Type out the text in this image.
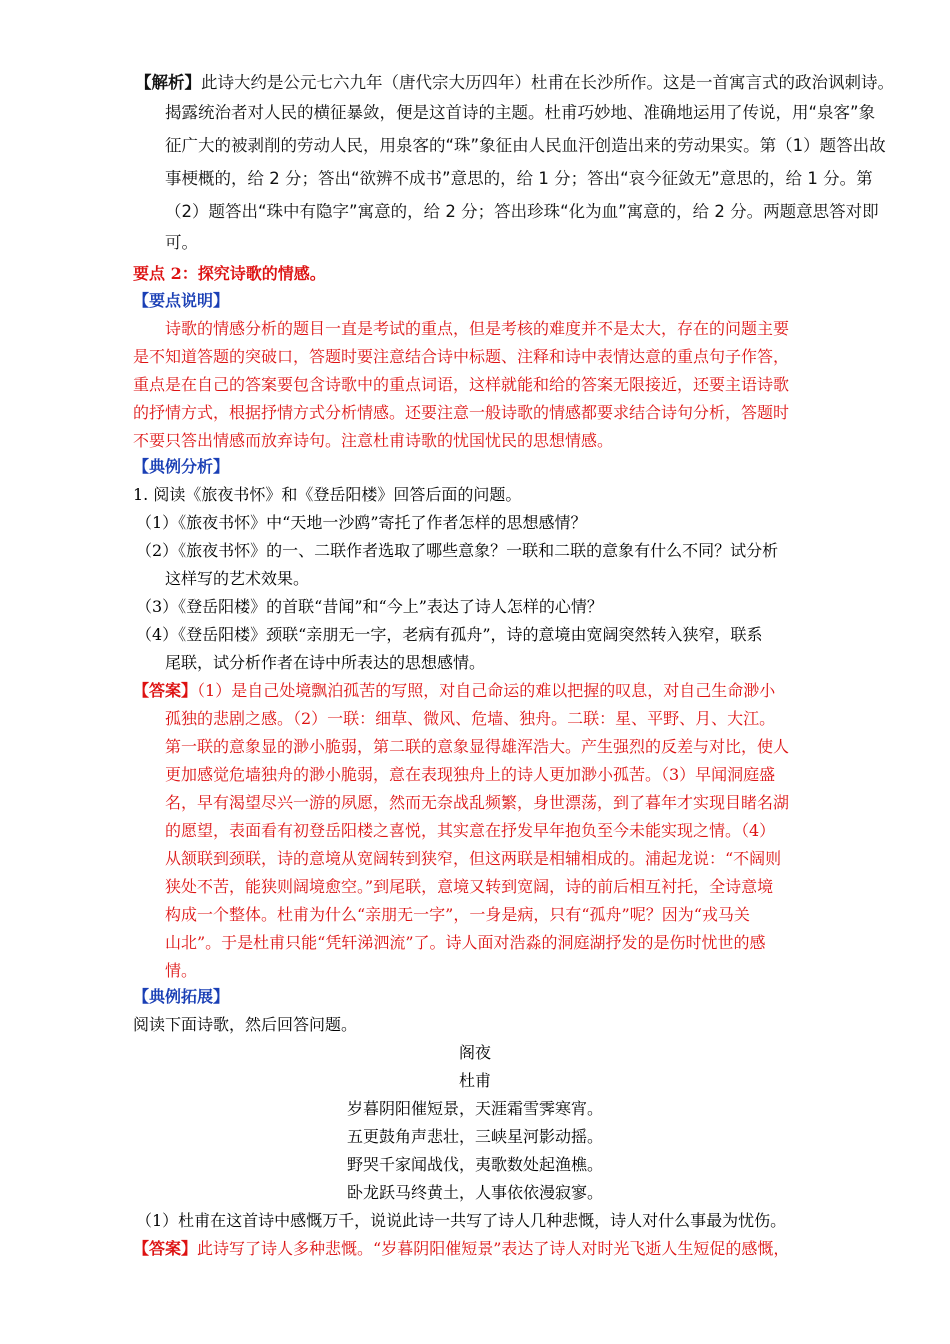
【解析】此诗大约是公元七六九年（唐代宗大历四年）杜甫在长沙所作。这是一首寓言式的政治讽刺诗。
揭露统治者对人民的横征暴敛，便是这首诗的主题。杜甫巧妙地、准确地运用了传说，用“泉客”象
征广大的被剥削的劳动人民，用泉客的“珠”象征由人民血汗创造出来的劳动果实。第（1）题答出故
事梗概的，给 2 分；答出“欲辨不成书”意思的，给 1 分；答出“哀今征敛无”意思的，给 1 分。第
（2）题答出“珠中有隐字”寓意的，给 2 分；答出珍珠“化为血”寓意的，给 2 分。两题意思答对即
可。
要点 2：探究诗歌的情感。
【要点说明】
诗歌的情感分析的题目一直是考试的重点，但是考核的难度并不是太大，存在的问题主要
是不知道答题的突破口，答题时要注意结合诗中标题、注释和诗中表情达意的重点句子作答，
重点是在自己的答案要包含诗歌中的重点词语，这样就能和给的答案无限接近，还要主语诗歌
的抒情方式，根据抒情方式分析情感。还要注意一般诗歌的情感都要求结合诗句分析，答题时
不要只答出情感而放弃诗句。注意杜甫诗歌的忧国忧民的思想情感。
【典例分析】
1. 阅读《旅夜书怀》和《登岳阳楼》回答后面的问题。
（1）《旅夜书怀》中“天地一沙鸥”寄托了作者怎样的思想感情？
（2）《旅夜书怀》的一、二联作者选取了哪些意象？一联和二联的意象有什么不同？试分析
这样写的艺术效果。
（3）《登岳阳楼》的首联“昔闻”和“今上”表达了诗人怎样的心情？
（4）《登岳阳楼》颈联“亲朋无一字，老病有孤舟”，诗的意境由宽阔突然转入狭窄，联系
尾联，试分析作者在诗中所表达的思想感情。
【答案】（1）是自己处境飘泊孤苦的写照，对自己命运的难以把握的叹息，对自己生命渺小
孤独的悲剧之感。（2）一联：细草、微风、危墙、独舟。二联：星、平野、月、大江。
第一联的意象显的渺小脆弱，第二联的意象显得雄浑浩大。产生强烈的反差与对比，使人
更加感觉危墙独舟的渺小脆弱，意在表现独舟上的诗人更加渺小孤苦。（3）早闻洞庭盛
名，早有渴望尽兴一游的夙愿，然而无奈战乱频繁，身世漂荡，到了暮年才实现目睹名湖
的愿望，表面看有初登岳阳楼之喜悦，其实意在抒发早年抱负至今未能实现之情。（4）
从颔联到颈联，诗的意境从宽阔转到狭窄，但这两联是相辅相成的。浦起龙说：“不阔则
狭处不苦，能狭则阔境愈空。”到尾联，意境又转到宽阔，诗的前后相互衬托，全诗意境
构成一个整体。杜甫为什么“亲朋无一字”，一身是病，只有“孤舟”呢？因为“戎马关
山北”。于是杜甫只能“凭轩涕泗流”了。诗人面对浩淼的洞庭湖抒发的是伤时忧世的感
情。
【典例拓展】
阅读下面诗歌，然后回答问题。
阁夜
杜甫
岁暮阴阳催短景，天涯霜雪霁寒宵。
五更鼓角声悲壮，三峡星河影动摇。
野哭千家闻战伐，夷歌数处起渔樵。
卧龙跃马终黄土，人事依依漫寂寥。
（1）杜甫在这首诗中感慨万千，说说此诗一共写了诗人几种悲慨，诗人对什么事最为忧伤。
【答案】此诗写了诗人多种悲慨。“岁暮阴阳催短景”表达了诗人对时光飞逝人生短促的感慨，
